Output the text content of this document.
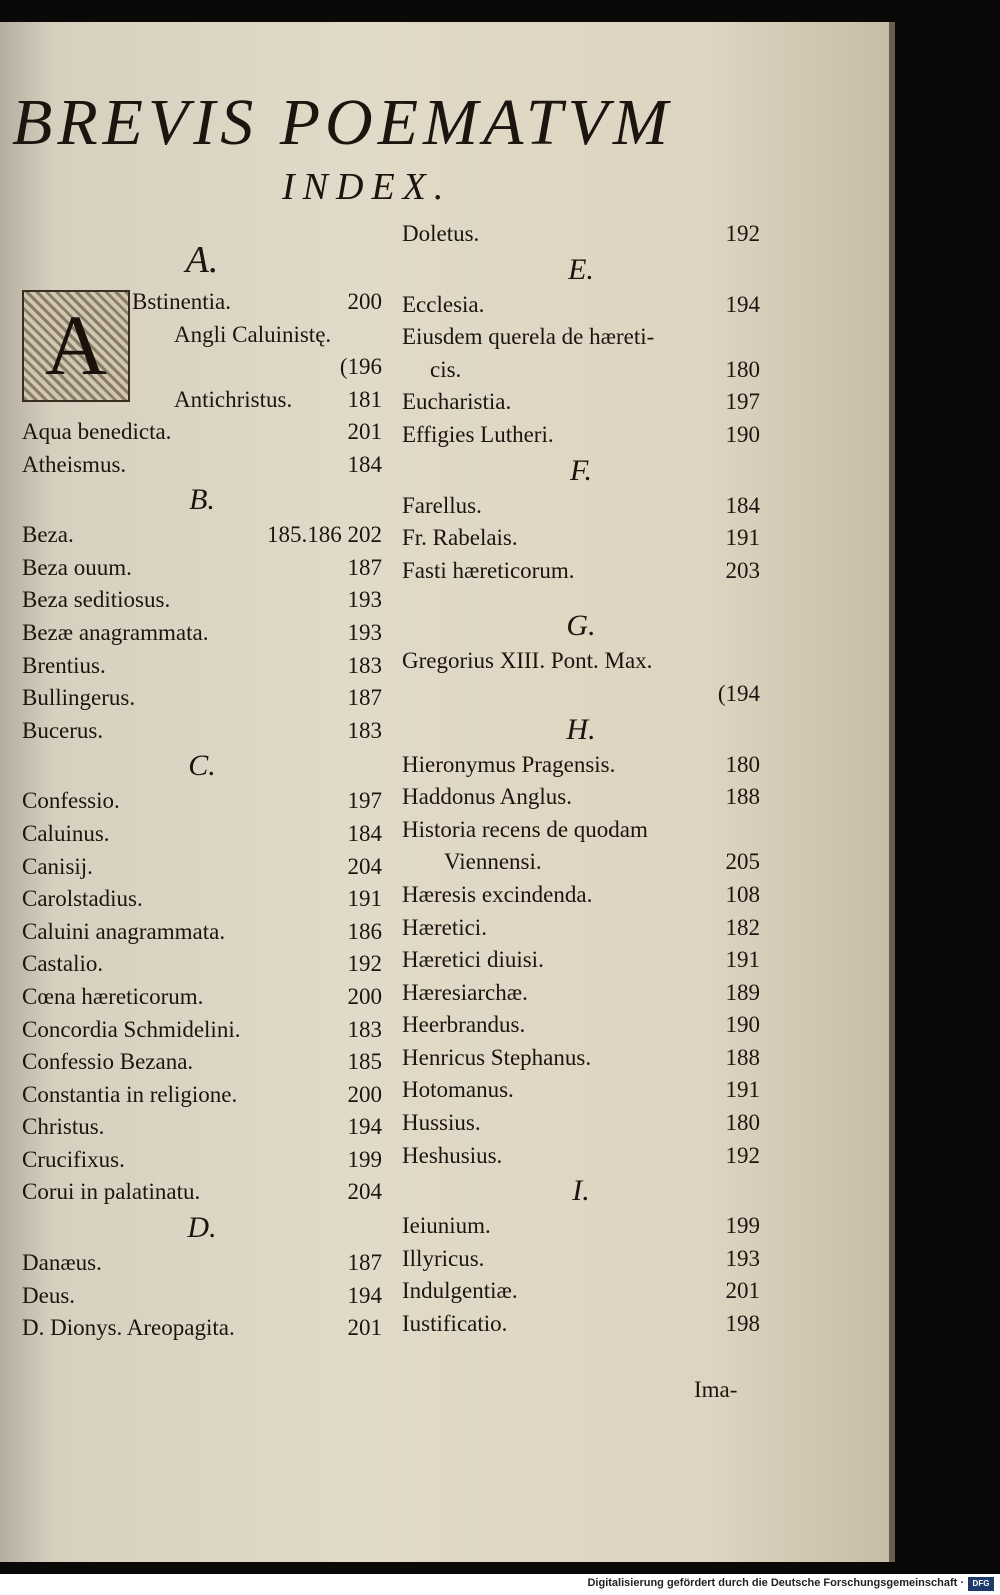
BREVIS POEMATVM
INDEX.
A.
A	Bstinentia.	200
Angli Caluinistę.
(196
Antichristus. 181
Aqua benedicta.	201
Atheismus.	184
B.
Beza.	185.186 202
Beza ouum.	187
Beza seditiosus.	193
Bezæ anagrammata.	193
Brentius.	183
Bullingerus.	187
Bucerus.	183
C.
Confessio.	197
Caluinus.	184
Canisij.	204
Carolstadius.	191
Caluini anagrammata.	186
Castalio.	192
Cœna hæreticorum.	200
Concordia Schmidelini.	183
Confessio Bezana.	185
Constantia in religione.	200
Christus.	194
Crucifixus.	199
Corui in palatinatu.	204
D.
Danæus.	187
Deus.	194
D. Dionys. Areopagita.	201
Doletus.	192
E.
Ecclesia.	194
Eiusdem querela de hæreti-
cis.	180
Eucharistia.	197
Effigies Lutheri.	190
F.
Farellus.	184
Fr. Rabelais.	191
Fasti hæreticorum.	203
G.
Gregorius XIII. Pont. Max.
(194
H.
Hieronymus Pragensis.	180
Haddonus Anglus.	188
Historia recens de quodam
Viennensi.	205
Hæresis excindenda.	108
Hæretici.	182
Hæretici diuisi.	191
Hæresiarchæ.	189
Heerbrandus.	190
Henricus Stephanus.	188
Hotomanus.	191
Hussius.	180
Heshusius.	192
I.
Ieiunium.	199
Illyricus.	193
Indulgentiæ.	201
Iustificatio.	198
Ima-
Digitalisierung gefördert durch die Deutsche Forschungsgemeinschaft ·	DFG
